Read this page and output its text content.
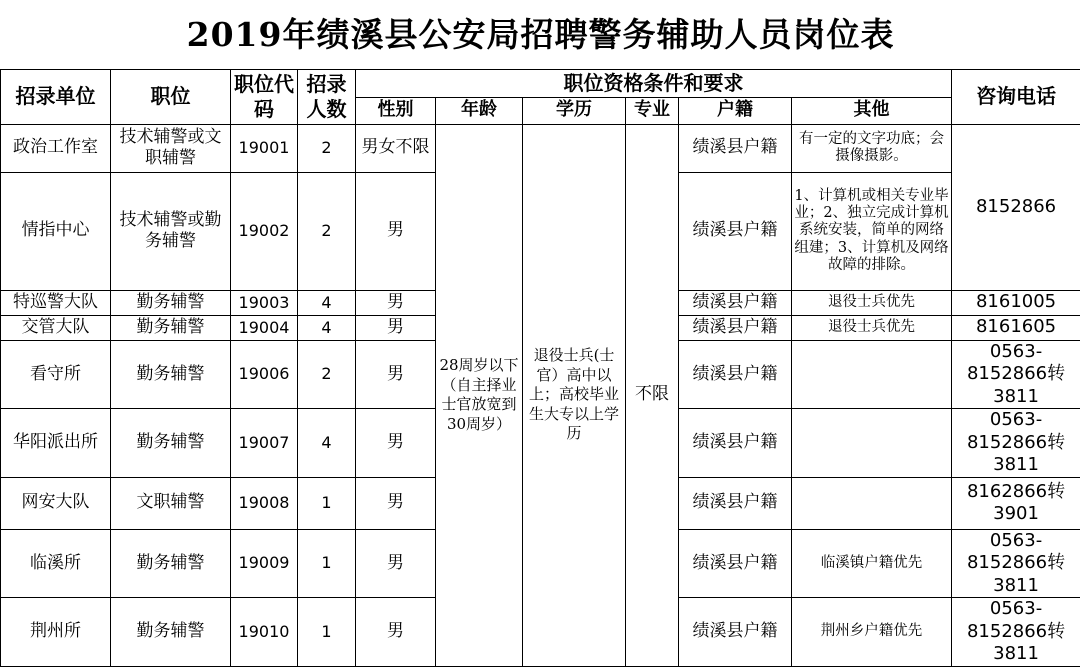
2019年绩溪县公安局招聘警务辅助人员岗位表										
招录单位	职位	职位代码	招录人数	职位资格条件和要求						咨询电话
				性别	年龄	学历	专业	户籍	其他	
政治工作室	技术辅警或文职辅警	19001	2	男女不限	28周岁以下（自主择业士官放宽到30周岁）	退役士兵(士官）高中以上；高校毕业生大专以上学历	不限	绩溪县户籍	有一定的文字功底；会摄像摄影。	8152866
情指中心	技术辅警或勤务辅警	19002	2	男				绩溪县户籍	1、计算机或相关专业毕业；2、独立完成计算机系统安装，简单的网络组建；3、计算机及网络故障的排除。	
特巡警大队	勤务辅警	19003	4	男				绩溪县户籍	退役士兵优先	8161005
交管大队	勤务辅警	19004	4	男				绩溪县户籍	退役士兵优先	8161605
看守所	勤务辅警	19006	2	男				绩溪县户籍		0563-8152866转3811
华阳派出所	勤务辅警	19007	4	男				绩溪县户籍		0563-8152866转3811
网安大队	文职辅警	19008	1	男				绩溪县户籍		8162866转3901
临溪所	勤务辅警	19009	1	男				绩溪县户籍	临溪镇户籍优先	0563-8152866转3811
荆州所	勤务辅警	19010	1	男				绩溪县户籍	荆州乡户籍优先	0563-8152866转3811
